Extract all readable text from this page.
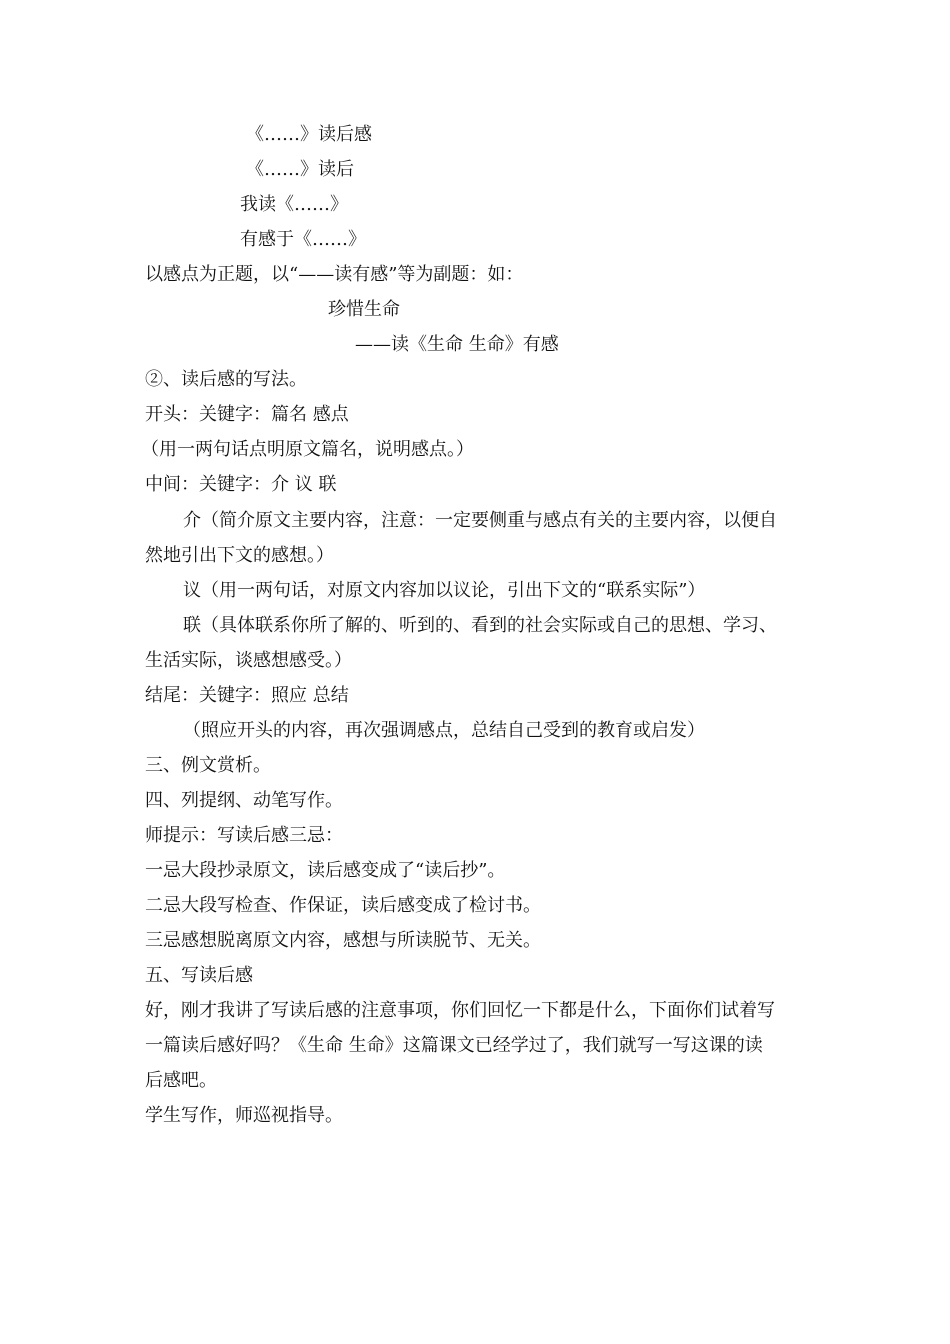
《……》读后感
《……》读后
我读《……》
有感于《……》
以感点为正题，以“——读有感”等为副题：如：
珍惜生命
——读《生命 生命》有感
②、读后感的写法。
开头：关键字：篇名 感点
（用一两句话点明原文篇名，说明感点。）
中间：关键字：介 议 联
介（简介原文主要内容，注意：一定要侧重与感点有关的主要内容，以便自
然地引出下文的感想。）
议（用一两句话，对原文内容加以议论，引出下文的“联系实际”）
联（具体联系你所了解的、听到的、看到的社会实际或自己的思想、学习、
生活实际，谈感想感受。）
结尾：关键字：照应 总结
（照应开头的内容，再次强调感点，总结自己受到的教育或启发）
三、例文赏析。
四、列提纲、动笔写作。
师提示：写读后感三忌：
一忌大段抄录原文，读后感变成了“读后抄”。
二忌大段写检查、作保证，读后感变成了检讨书。
三忌感想脱离原文内容，感想与所读脱节、无关。
五、写读后感
好，刚才我讲了写读后感的注意事项，你们回忆一下都是什么，下面你们试着写
一篇读后感好吗？《生命 生命》这篇课文已经学过了，我们就写一写这课的读
后感吧。
学生写作，师巡视指导。
